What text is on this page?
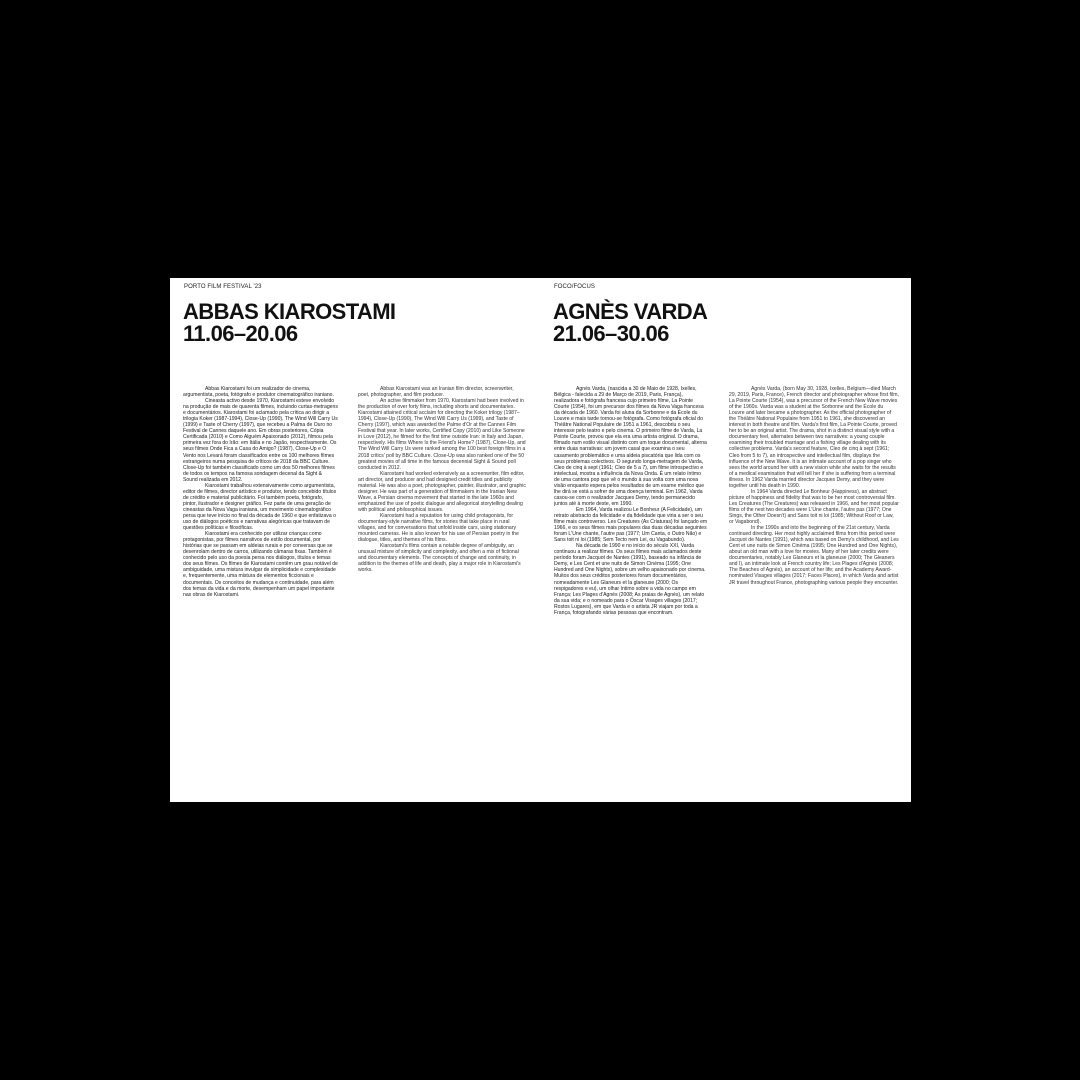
PORTO FILM FESTIVAL '23
ABBAS KIAROSTAMI
11.06–20.06

Abbas Kiarostami foi um realizador de cinema, argumentista, poeta, fotógrafo e produtor cinematográfico iraniano.

Cineasta activo desde 1970, Kiarostami esteve envolvido na produção de mais de quarenta filmes, incluindo curtas-metragens e documentários. Kiarostami foi aclamado pela crítica ao dirigir a trilogia Koker (1987-1994), Close-Up (1990), The Wind Will Carry Us (1999) e Taste of Cherry (1997), que recebeu a Palma de Ouro no Festival de Cannes daquele ano. Em obras posteriores, Cópia Certificada (2010) e Como Alguém Apaixonado (2012), filmou pela primeira vez fora do Irão: em Itália e no Japão, respectivamente. Os seus filmes Onde Fica a Casa do Amigo? (1987), Close-Up e O Vento nos Levará foram classificados entre os 100 melhores filmes estrangeiros numa pesquisa de críticos de 2018 da BBC Culture. Close-Up foi também classificado como um dos 50 melhores filmes de todos os tempos na famosa sondagem decenal da Sight & Sound realizada em 2012.

Kiarostami trabalhou extensivamente como argumentista, editor de filmes, director artístico e produtor, tendo concebido títulos de crédito e material publicitário. Foi também poeta, fotógrafo, pintor, ilustrador e designer gráfico. Fez parte de uma geração de cineastas da Nova Vaga iraniana, um movimento cinematográfico persa que teve início no final da década de 1960 e que enfatizava o uso de diálogos poéticos e narrativas alegóricas que tratavam de questões políticas e filosóficas.

Kiarostami era conhecido por utilizar crianças como protagonistas, por filmes narrativos de estilo documental, por histórias que se passam em aldeias rurais e por conversas que se desenrolam dentro de carros, utilizando câmaras fixas. Também é conhecido pelo uso da poesia persa nos diálogos, títulos e temas dos seus filmes. Os filmes de Kiarostami contêm um grau notável de ambiguidade, uma mistura invulgar de simplicidade e complexidade e, frequentemente, uma mistura de elementos ficcionais e documentais. Os conceitos de mudança e continuidade, para além dos temas da vida e da morte, desempenham um papel importante nas obras de Kiarostami.

Abbas Kiarostami was an Iranian film director, screenwriter, poet, photographer, and film producer.

An active filmmaker from 1970, Kiarostami had been involved in the production of over forty films, including shorts and documentaries. Kiarostami attained critical acclaim for directing the Koker trilogy (1987–1994), Close-Up (1990), The Wind Will Carry Us (1999), and Taste of Cherry (1997), which was awarded the Palme d'Or at the Cannes Film Festival that year. In later works, Certified Copy (2010) and Like Someone in Love (2012), he filmed for the first time outside Iran: in Italy and Japan, respectively. His films Where Is the Friend's Home? (1987), Close-Up, and The Wind Will Carry Us were ranked among the 100 best foreign films in a 2018 critics' poll by BBC Culture. Close-Up was also ranked one of the 50 greatest movies of all time in the famous decennial Sight & Sound poll conducted in 2012.

Kiarostami had worked extensively as a screenwriter, film editor, art director, and producer and had designed credit titles and publicity material. He was also a poet, photographer, painter, illustrator, and graphic designer. He was part of a generation of filmmakers in the Iranian New Wave, a Persian cinema movement that started in the late 1960s and emphasized the use of poetic dialogue and allegorical storytelling dealing with political and philosophical issues.

Kiarostami had a reputation for using child protagonists, for documentary-style narrative films, for stories that take place in rural villages, and for conversations that unfold inside cars, using stationary mounted cameras. He is also known for his use of Persian poetry in the dialogue, titles, and themes of his films.

Kiarostami's films contain a notable degree of ambiguity, an unusual mixture of simplicity and complexity, and often a mix of fictional and documentary elements. The concepts of change and continuity, in addition to the themes of life and death, play a major role in Kiarostami's works.

FOCO/FOCUS
AGNÈS VARDA
21.06–30.06

Agnès Varda, (nascida a 30 de Maio de 1928, Ixelles, Bélgica - falecida a 29 de Março de 2019, Paris, França), realizadora e fotógrafa francesa cujo primeiro filme, La Pointe Courte (1954), foi um precursor dos filmes da Nova Vaga francesa da década de 1960. Varda foi aluna da Sorbonne e da École du Louvre e mais tarde tornou-se fotógrafa. Como fotógrafa oficial do Théâtre National Populaire de 1951 a 1961, descobriu o seu interesse pelo teatro e pelo cinema. O primeiro filme de Varda, La Pointe Courte, provou que ela era uma artista original. O drama, filmado num estilo visual distinto com um toque documental, alterna entre duas narrativas: um jovem casal que examina o seu casamento problemático e uma aldeia piscatória que lida com os seus problemas colectivos. O segundo longa-metragem de Varda, Cleo de cinq à sept (1961; Cleo de 5 a 7), um filme introspectivo e intelectual, mostra a influência da Nova Onda. É um relato íntimo de uma cantora pop que vê o mundo à sua volta com uma nova visão enquanto espera pelos resultados de um exame médico que lhe dirá se está a sofrer de uma doença terminal. Em 1962, Varda casou-se com o realizador Jacques Demy, tendo permanecido juntos até à morte deste, em 1990.

Em 1964, Varda realizou Le Bonheur (A Felicidade), um retrato abstracto da felicidade e da fidelidade que viria a ser o seu filme mais controverso. Les Creatures (As Criaturas) foi lançado em 1966, e os seus filmes mais populares das duas décadas seguintes foram L'Une chante, l'autre pas (1977; Um Canta, o Outro Não) e Sans toit ni loi (1985; Sem Tecto nem Lei, ou Vagabundo).

Na década de 1990 e no início do século XXI, Varda continuou a realizar filmes. Os seus filmes mais aclamados deste período foram Jacquot de Nantes (1991), baseado na infância de Demy, e Les Cent et une nuits de Simon Cinéma (1995; One Hundred and One Nights), sobre um velho apaixonado por cinema. Muitos dos seus créditos posteriores foram documentários, nomeadamente Les Glaneurs et la glaneuse (2000; Os respigadores e eu), um olhar íntimo sobre a vida no campo em França; Les Plages d'Agnès (2008; As praias de Agnès), um relato da sua vida; e o nomeado para o Óscar Visages villages (2017; Rostos Lugares), em que Varda e o artista JR viajam por toda a França, fotografando várias pessoas que encontram.

Agnès Varda, (born May 30, 1928, Ixelles, Belgium—died March 29, 2019, Paris, France), French director and photographer whose first film, La Pointe Courte (1954), was a precursor of the French New Wave movies of the 1960s. Varda was a student at the Sorbonne and the École du Louvre and later became a photographer. As the official photographer of the Théâtre National Populaire from 1951 to 1961, she discovered an interest in both theatre and film. Varda's first film, La Pointe Courte, proved her to be an original artist. The drama, shot in a distinct visual style with a documentary feel, alternates between two narratives: a young couple examining their troubled marriage and a fishing village dealing with its collective problems. Varda's second feature, Cleo de cinq à sept (1961; Cleo from 5 to 7), an introspective and intellectual film, displays the influence of the New Wave. It is an intimate account of a pop singer who sees the world around her with a new vision while she waits for the results of a medical examination that will tell her if she is suffering from a terminal illness. In 1962 Varda married director Jacques Demy, and they were together until his death in 1990.

In 1964 Varda directed Le Bonheur (Happiness), an abstract picture of happiness and fidelity that was to be her most controversial film. Les Creatures (The Creatures) was released in 1966, and her most popular films of the next two decades were L'Une chante, l'autre pas (1977; One Sings, the Other Doesn't) and Sans toit ni loi (1985; Without Roof or Law, or Vagabond).

In the 1990s and into the beginning of the 21st century, Varda continued directing. Her most highly acclaimed films from this period were Jacquot de Nantes (1991), which was based on Demy's childhood, and Les Cent et une nuits de Simon Cinéma (1995; One Hundred and One Nights), about an old man with a love for movies. Many of her later credits were documentaries, notably Les Glaneurs et la glaneuse (2000; The Gleaners and I), an intimate look at French country life; Les Plages d'Agnès (2008; The Beaches of Agnès), an account of her life; and the Academy Award-nominated Visages villages (2017; Faces Places), in which Varda and artist JR travel throughout France, photographing various people they encounter.
